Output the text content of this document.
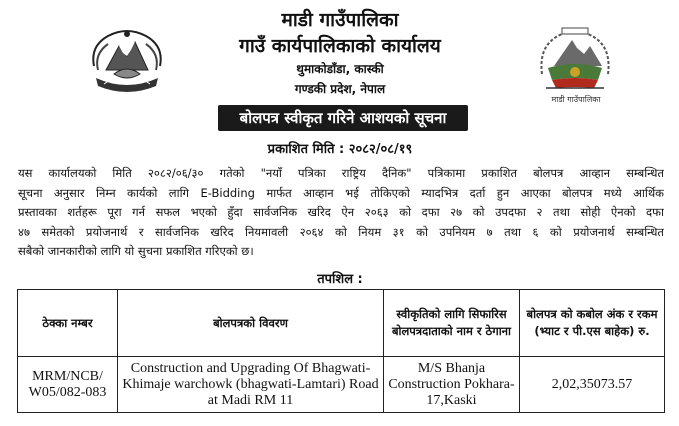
माडी गाउँपालिका
माडी गाउँपालिका
गाउँ कार्यपालिकाको कार्यालय
थुमाकोडाँडा, कास्की
गण्डकी प्रदेश, नेपाल
बोलपत्र स्वीकृत गरिने आशयको सूचना
प्रकाशित मिति : २०८२/०८/१९
यस कार्यालयको मिति २०८२/०६/३० गतेको "नयाँ पत्रिका राष्ट्रिय दैनिक" पत्रिकामा प्रकाशित बोलपत्र आव्हान सम्बन्धित
सूचना अनुसार निम्न कार्यको लागि E-Bidding मार्फत आव्हान भई तोकिएको म्यादभित्र दर्ता हुन आएका बोलपत्र मध्ये आर्थिक
प्रस्तावका शर्तहरू पूरा गर्न सफल भएको हुँदा सार्वजनिक खरिद ऐन २०६३ को दफा २७ को उपदफा २ तथा सोही ऐनको दफा
४७ समेतको प्रयोजनार्थ र सार्वजनिक खरिद नियमावली २०६४ को नियम ३१ को उपनियम ७ तथा ६ को प्रयोजनार्थ सम्बन्धित
सबैको जानकारीको लागि यो सुचना प्रकाशित गरिएको छ।
तपशिल :
ठेक्का नम्बर	बोलपत्रको विवरण	स्वीकृतिको लागि सिफारिस बोलपत्रदाताको नाम र ठेगाना	बोलपत्र को कबोल अंक र रकम (भ्याट र पी.एस बाहेक) रु.
MRM/NCB/ W05/082-083	Construction and Upgrading Of Bhagwati-Khimaje warchowk (bhagwati-Lamtari) Road at Madi RM 11	M/S Bhanja Construction Pokhara-17,Kaski	2,02,35073.57
